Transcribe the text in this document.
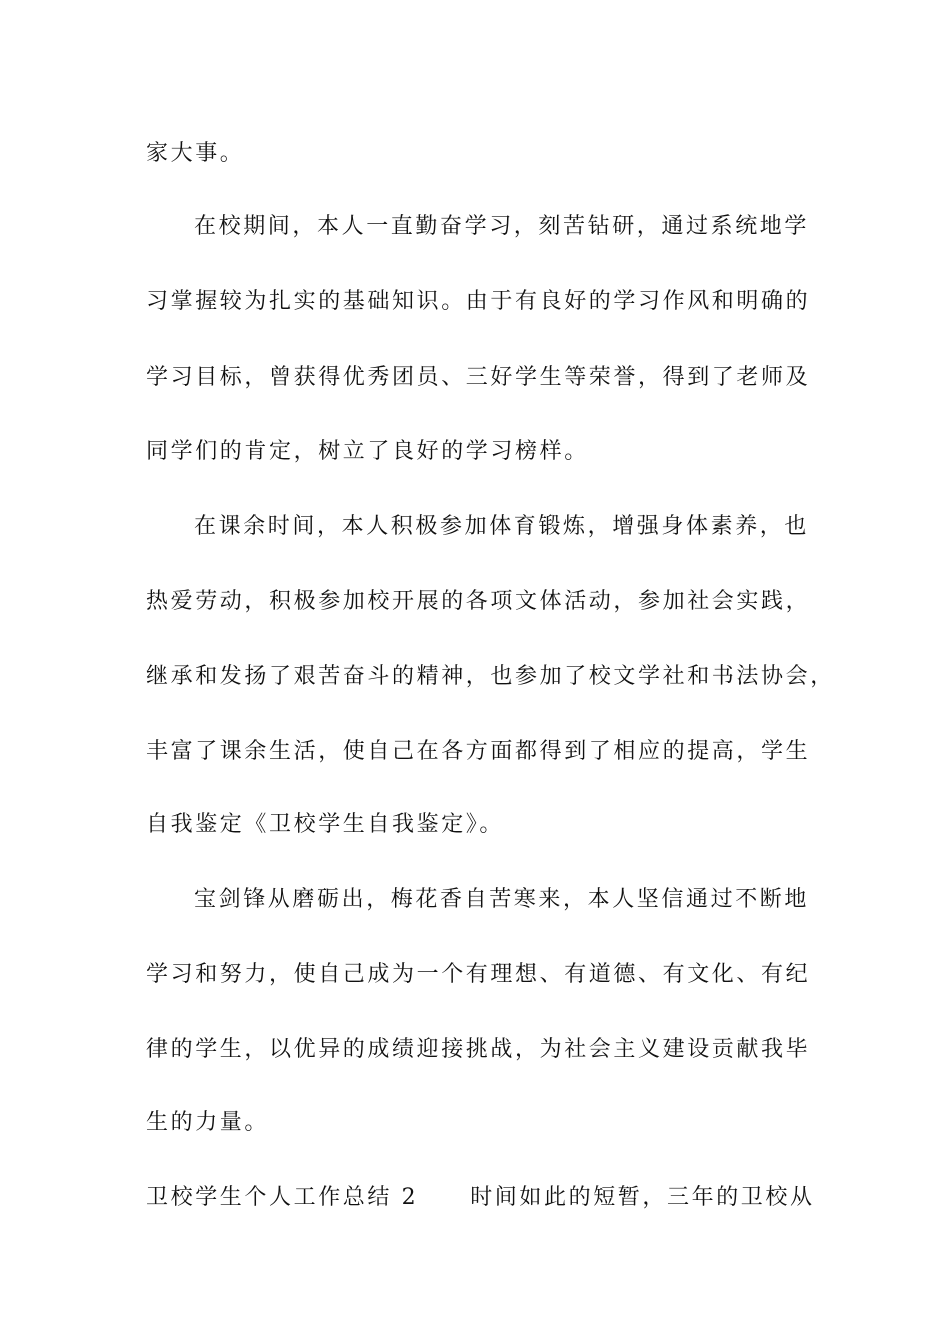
家大事。
在校期间，本人一直勤奋学习，刻苦钻研，通过系统地学
习掌握较为扎实的基础知识。由于有良好的学习作风和明确的
学习目标，曾获得优秀团员、三好学生等荣誉，得到了老师及
同学们的肯定，树立了良好的学习榜样。
在课余时间，本人积极参加体育锻炼，增强身体素养，也
热爱劳动，积极参加校开展的各项文体活动，参加社会实践，
继承和发扬了艰苦奋斗的精神，也参加了校文学社和书法协会，
丰富了课余生活，使自己在各方面都得到了相应的提高，学生
自我鉴定《卫校学生自我鉴定》。
宝剑锋从磨砺出，梅花香自苦寒来，本人坚信通过不断地
学习和努力，使自己成为一个有理想、有道德、有文化、有纪
律的学生，以优异的成绩迎接挑战，为社会主义建设贡献我毕
生的力量。
卫校学生个人工作总结 2 时间如此的短暂，三年的卫校从
